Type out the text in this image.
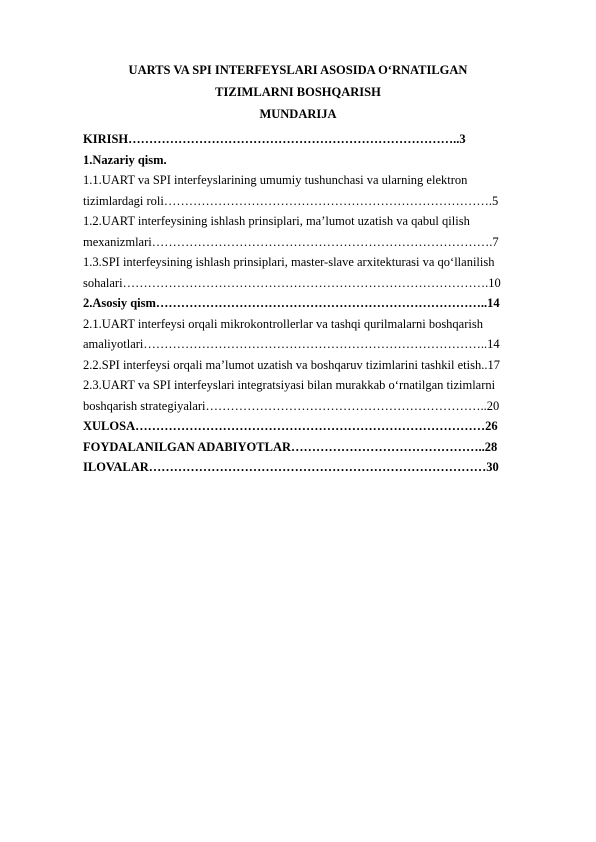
UARTS VA SPI INTERFEYSLARI ASOSIDA O‘RNATILGAN
TIZIMLARNI BOSHQARISH
MUNDARIJA
KIRISH……………………………………………………………………..3
1.Nazariy qism.
1.1.UART va SPI interfeyslarining umumiy tushunchasi va ularning elektron
tizimlardagi roli…………………………………………………………………….5
1.2.UART interfeysining ishlash prinsiplari, ma’lumot uzatish va qabul qilish
mexanizmlari……………………………………………………………………….7
1.3.SPI interfeysining ishlash prinsiplari, master-slave arxitekturasi va qo‘llanilish
sohalari…………………………………………………………………………….10
2.Asosiy qism……………………………………………………………………..14
2.1.UART interfeysi orqali mikrokontrollerlar va tashqi qurilmalarni boshqarish
amaliyotlari………………………………………………………………………..14
2.2.SPI interfeysi orqali ma’lumot uzatish va boshqaruv tizimlarini tashkil etish..17
2.3.UART va SPI interfeyslari integratsiyasi bilan murakkab o‘rnatilgan tizimlarni
boshqarish strategiyalari…………………………………………………………..20
XULOSA…………………………………………………………………………26
FOYDALANILGAN ADABIYOTLAR………………………………………..28
ILOVALAR………………………………………………………………………30
